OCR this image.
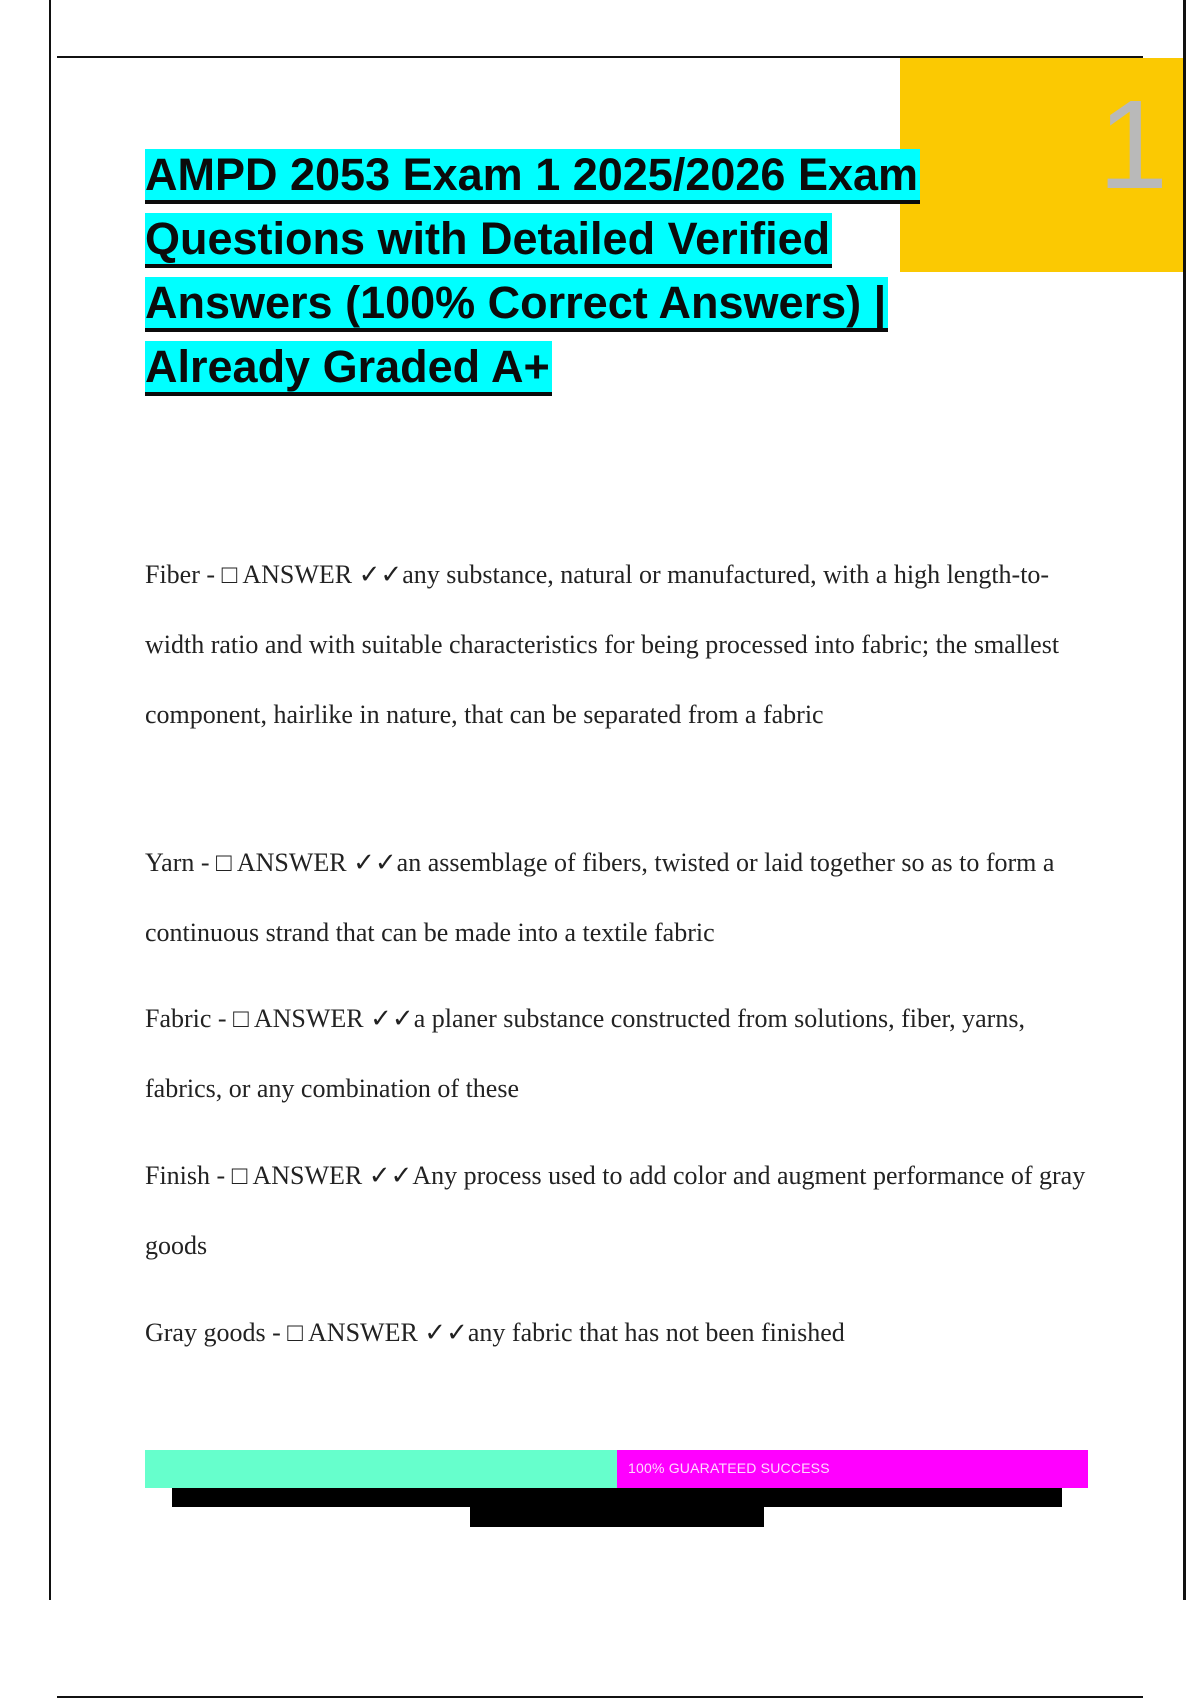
1
AMPD 2053 Exam 1 2025/2026 Exam
Questions with Detailed Verified
Answers (100% Correct Answers) |
Already Graded A+
Fiber - □ ANSWER ✓✓any substance, natural or manufactured, with a high length-to-width ratio and with suitable characteristics for being processed into fabric; the smallest component, hairlike in nature, that can be separated from a fabric
Yarn - □ ANSWER ✓✓an assemblage of fibers, twisted or laid together so as to form a continuous strand that can be made into a textile fabric
Fabric - □ ANSWER ✓✓a planer substance constructed from solutions, fiber, yarns, fabrics, or any combination of these
Finish - □ ANSWER ✓✓Any process used to add color and augment performance of gray goods
Gray goods - □ ANSWER ✓✓any fabric that has not been finished
100% GUARATEED SUCCESS
